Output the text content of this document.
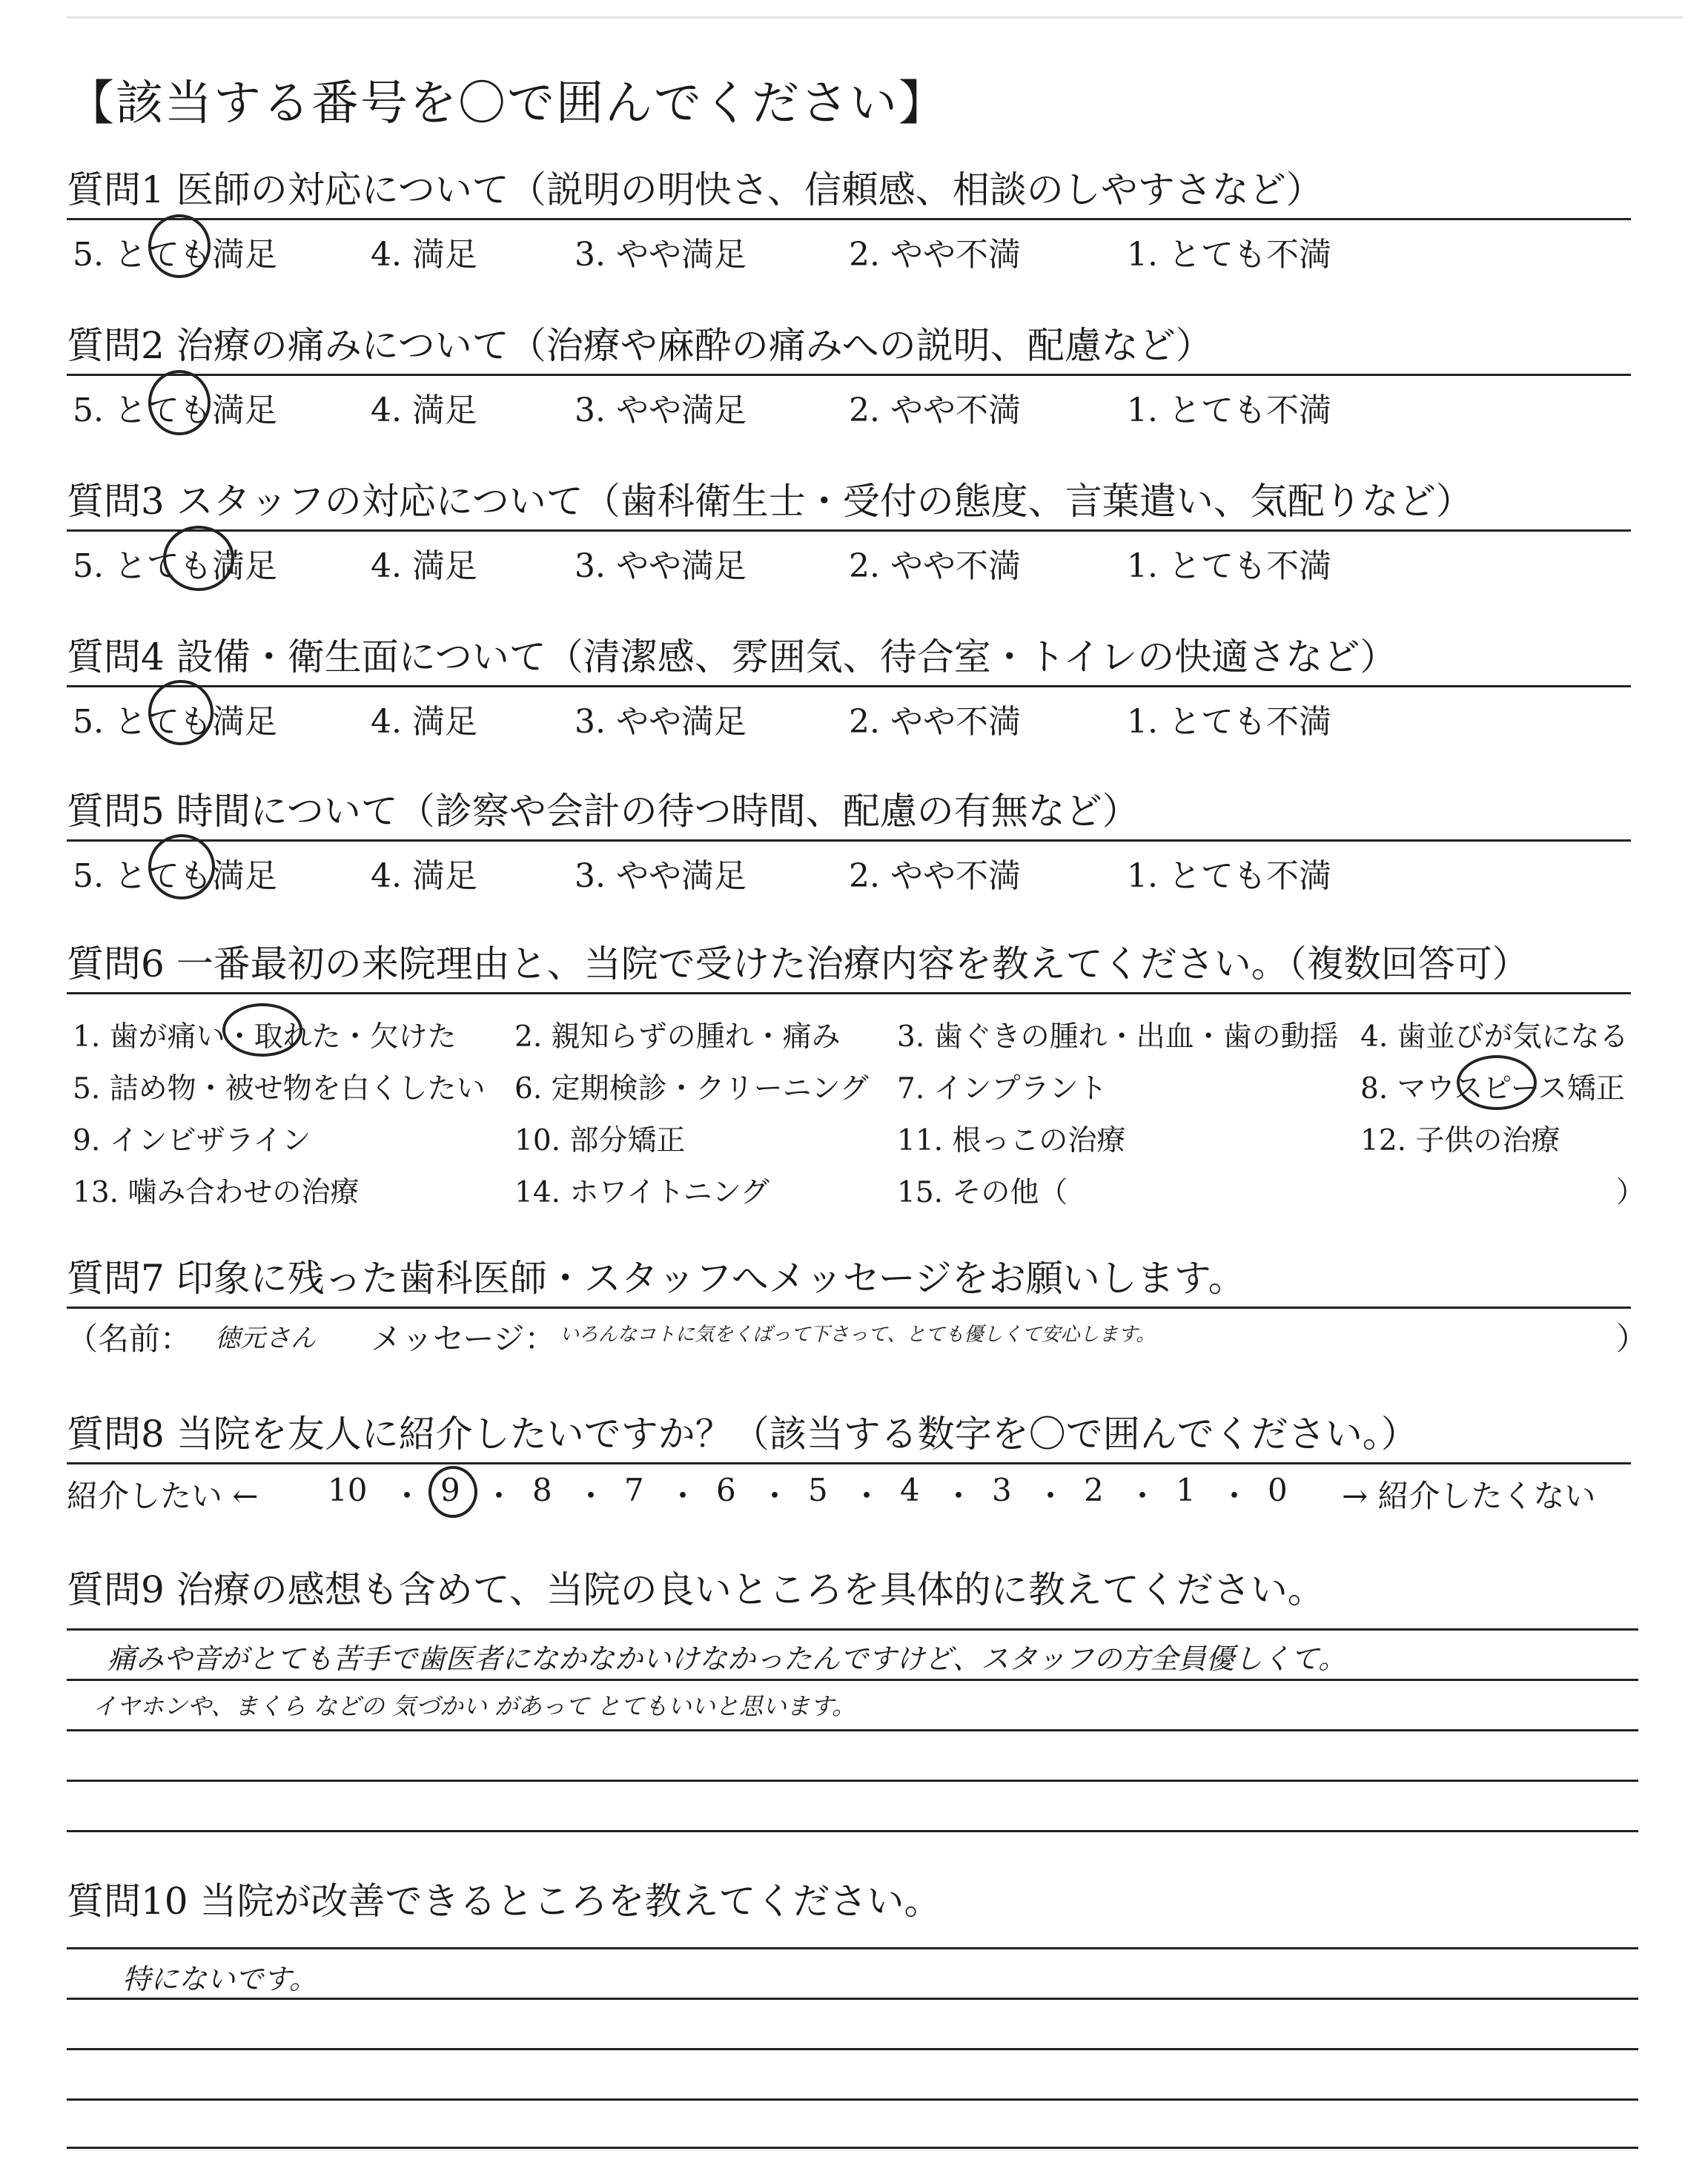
【該当する番号を〇で囲んでください】
質問1 医師の対応について（説明の明快さ、信頼感、相談のしやすさなど）
5. とても満足	4. 満足	3. やや満足	2. やや不満	1. とても不満
質問2 治療の痛みについて（治療や麻酔の痛みへの説明、配慮など）
5. とても満足	4. 満足	3. やや満足	2. やや不満	1. とても不満
質問3 スタッフの対応について（歯科衛生士・受付の態度、言葉遣い、気配りなど）
5. とても満足	4. 満足	3. やや満足	2. やや不満	1. とても不満
質問4 設備・衛生面について（清潔感、雰囲気、待合室・トイレの快適さなど）
5. とても満足	4. 満足	3. やや満足	2. やや不満	1. とても不満
質問5 時間について（診察や会計の待つ時間、配慮の有無など）
5. とても満足	4. 満足	3. やや満足	2. やや不満	1. とても不満
質問6 一番最初の来院理由と、当院で受けた治療内容を教えてください。（複数回答可）
1. 歯が痛い・取れた・欠けた 2. 親知らずの腫れ・痛み 3. 歯ぐきの腫れ・出血・歯の動揺 4. 歯並びが気になる
5. 詰め物・被せ物を白くしたい 6. 定期検診・クリーニング 7. インプラント	8. マウスピース矯正
9. インビザライン	10. 部分矯正	11. 根っこの治療	12. 子供の治療
13. 噛み合わせの治療	14. ホワイトニング	15. その他（	）
質問7 印象に残った歯科医師・スタッフへメッセージをお願いします。
（名前： 徳元さん メッセージ： いろんなコトに気をくばって下さって、とても優しくて安心します。	）
質問8 当院を友人に紹介したいですか？（該当する数字を〇で囲んでください。）
紹介したい ← 10 ・ 9 ・ 8 ・ 7 ・ 6 ・ 5 ・ 4 ・ 3 ・ 2 ・ 1 ・ 0 → 紹介したくない
質問9 治療の感想も含めて、当院の良いところを具体的に教えてください。
痛みや音がとても苦手で歯医者になかなかいけなかったんですけど、スタッフの方全員優しくて。
イヤホンや、まくら などの 気づかい があって とてもいいと思います。
質問10 当院が改善できるところを教えてください。
特にないです。
